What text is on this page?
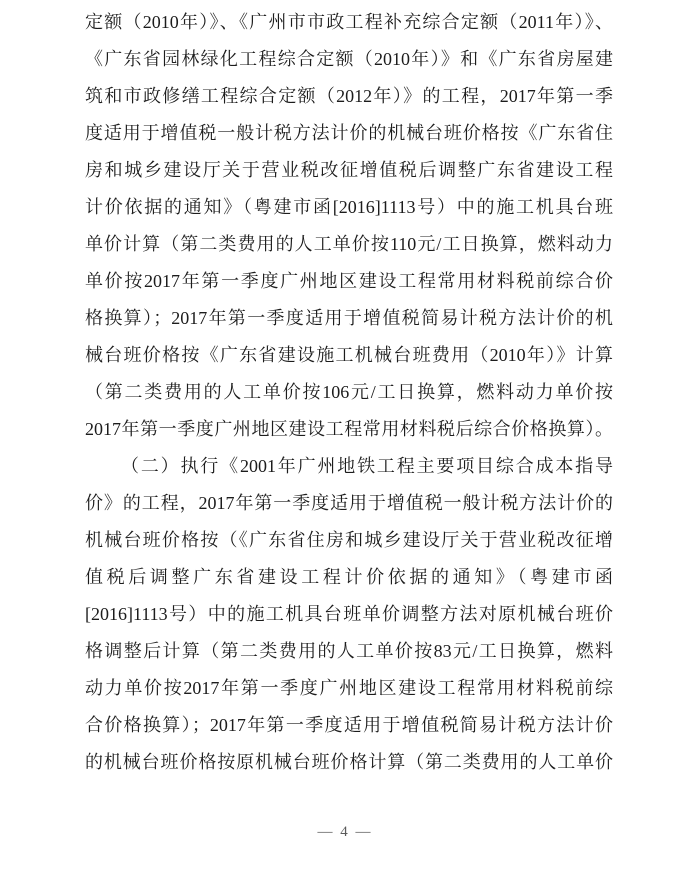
定额（2010年）》、《广州市市政工程补充综合定额（2011年）》、
《广东省园林绿化工程综合定额（2010年）》和《广东省房屋建
筑和市政修缮工程综合定额（2012年）》的工程，2017年第一季
度适用于增值税一般计税方法计价的机械台班价格按《广东省住
房和城乡建设厅关于营业税改征增值税后调整广东省建设工程
计价依据的通知》（粤建市函[2016]1113号）中的施工机具台班
单价计算（第二类费用的人工单价按110元/工日换算，燃料动力
单价按2017年第一季度广州地区建设工程常用材料税前综合价
格换算）；2017年第一季度适用于增值税简易计税方法计价的机
械台班价格按《广东省建设施工机械台班费用（2010年）》计算
（第二类费用的人工单价按106元/工日换算，燃料动力单价按
2017年第一季度广州地区建设工程常用材料税后综合价格换算）。
（二）执行《2001年广州地铁工程主要项目综合成本指导
价》的工程，2017年第一季度适用于增值税一般计税方法计价的
机械台班价格按（《广东省住房和城乡建设厅关于营业税改征增
值税后调整广东省建设工程计价依据的通知》（粤建市函
[2016]1113号）中的施工机具台班单价调整方法对原机械台班价
格调整后计算（第二类费用的人工单价按83元/工日换算，燃料
动力单价按2017年第一季度广州地区建设工程常用材料税前综
合价格换算）；2017年第一季度适用于增值税简易计税方法计价
的机械台班价格按原机械台班价格计算（第二类费用的人工单价
— 4 —
